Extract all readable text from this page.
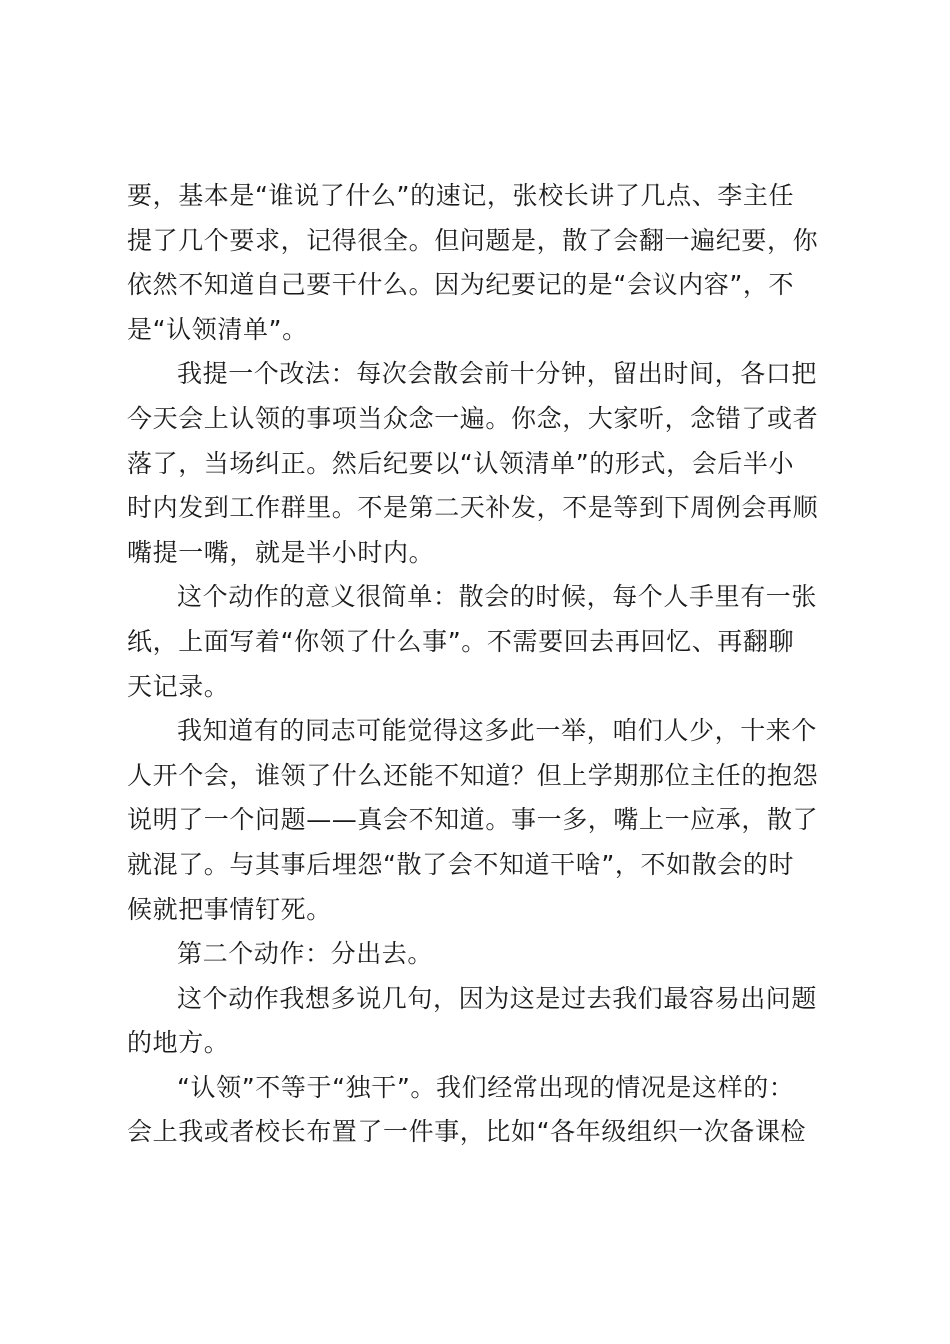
要，基本是“谁说了什么”的速记，张校长讲了几点、李主任
提了几个要求，记得很全。但问题是，散了会翻一遍纪要，你
依然不知道自己要干什么。因为纪要记的是“会议内容”，不
是“认领清单”。
我提一个改法：每次会散会前十分钟，留出时间，各口把
今天会上认领的事项当众念一遍。你念，大家听，念错了或者
落了，当场纠正。然后纪要以“认领清单”的形式，会后半小
时内发到工作群里。不是第二天补发，不是等到下周例会再顺
嘴提一嘴，就是半小时内。
这个动作的意义很简单：散会的时候，每个人手里有一张
纸，上面写着“你领了什么事”。不需要回去再回忆、再翻聊
天记录。
我知道有的同志可能觉得这多此一举，咱们人少，十来个
人开个会，谁领了什么还能不知道？但上学期那位主任的抱怨
说明了一个问题——真会不知道。事一多，嘴上一应承，散了
就混了。与其事后埋怨“散了会不知道干啥”，不如散会的时
候就把事情钉死。
第二个动作：分出去。
这个动作我想多说几句，因为这是过去我们最容易出问题
的地方。
“认领”不等于“独干”。我们经常出现的情况是这样的：
会上我或者校长布置了一件事，比如“各年级组织一次备课检
